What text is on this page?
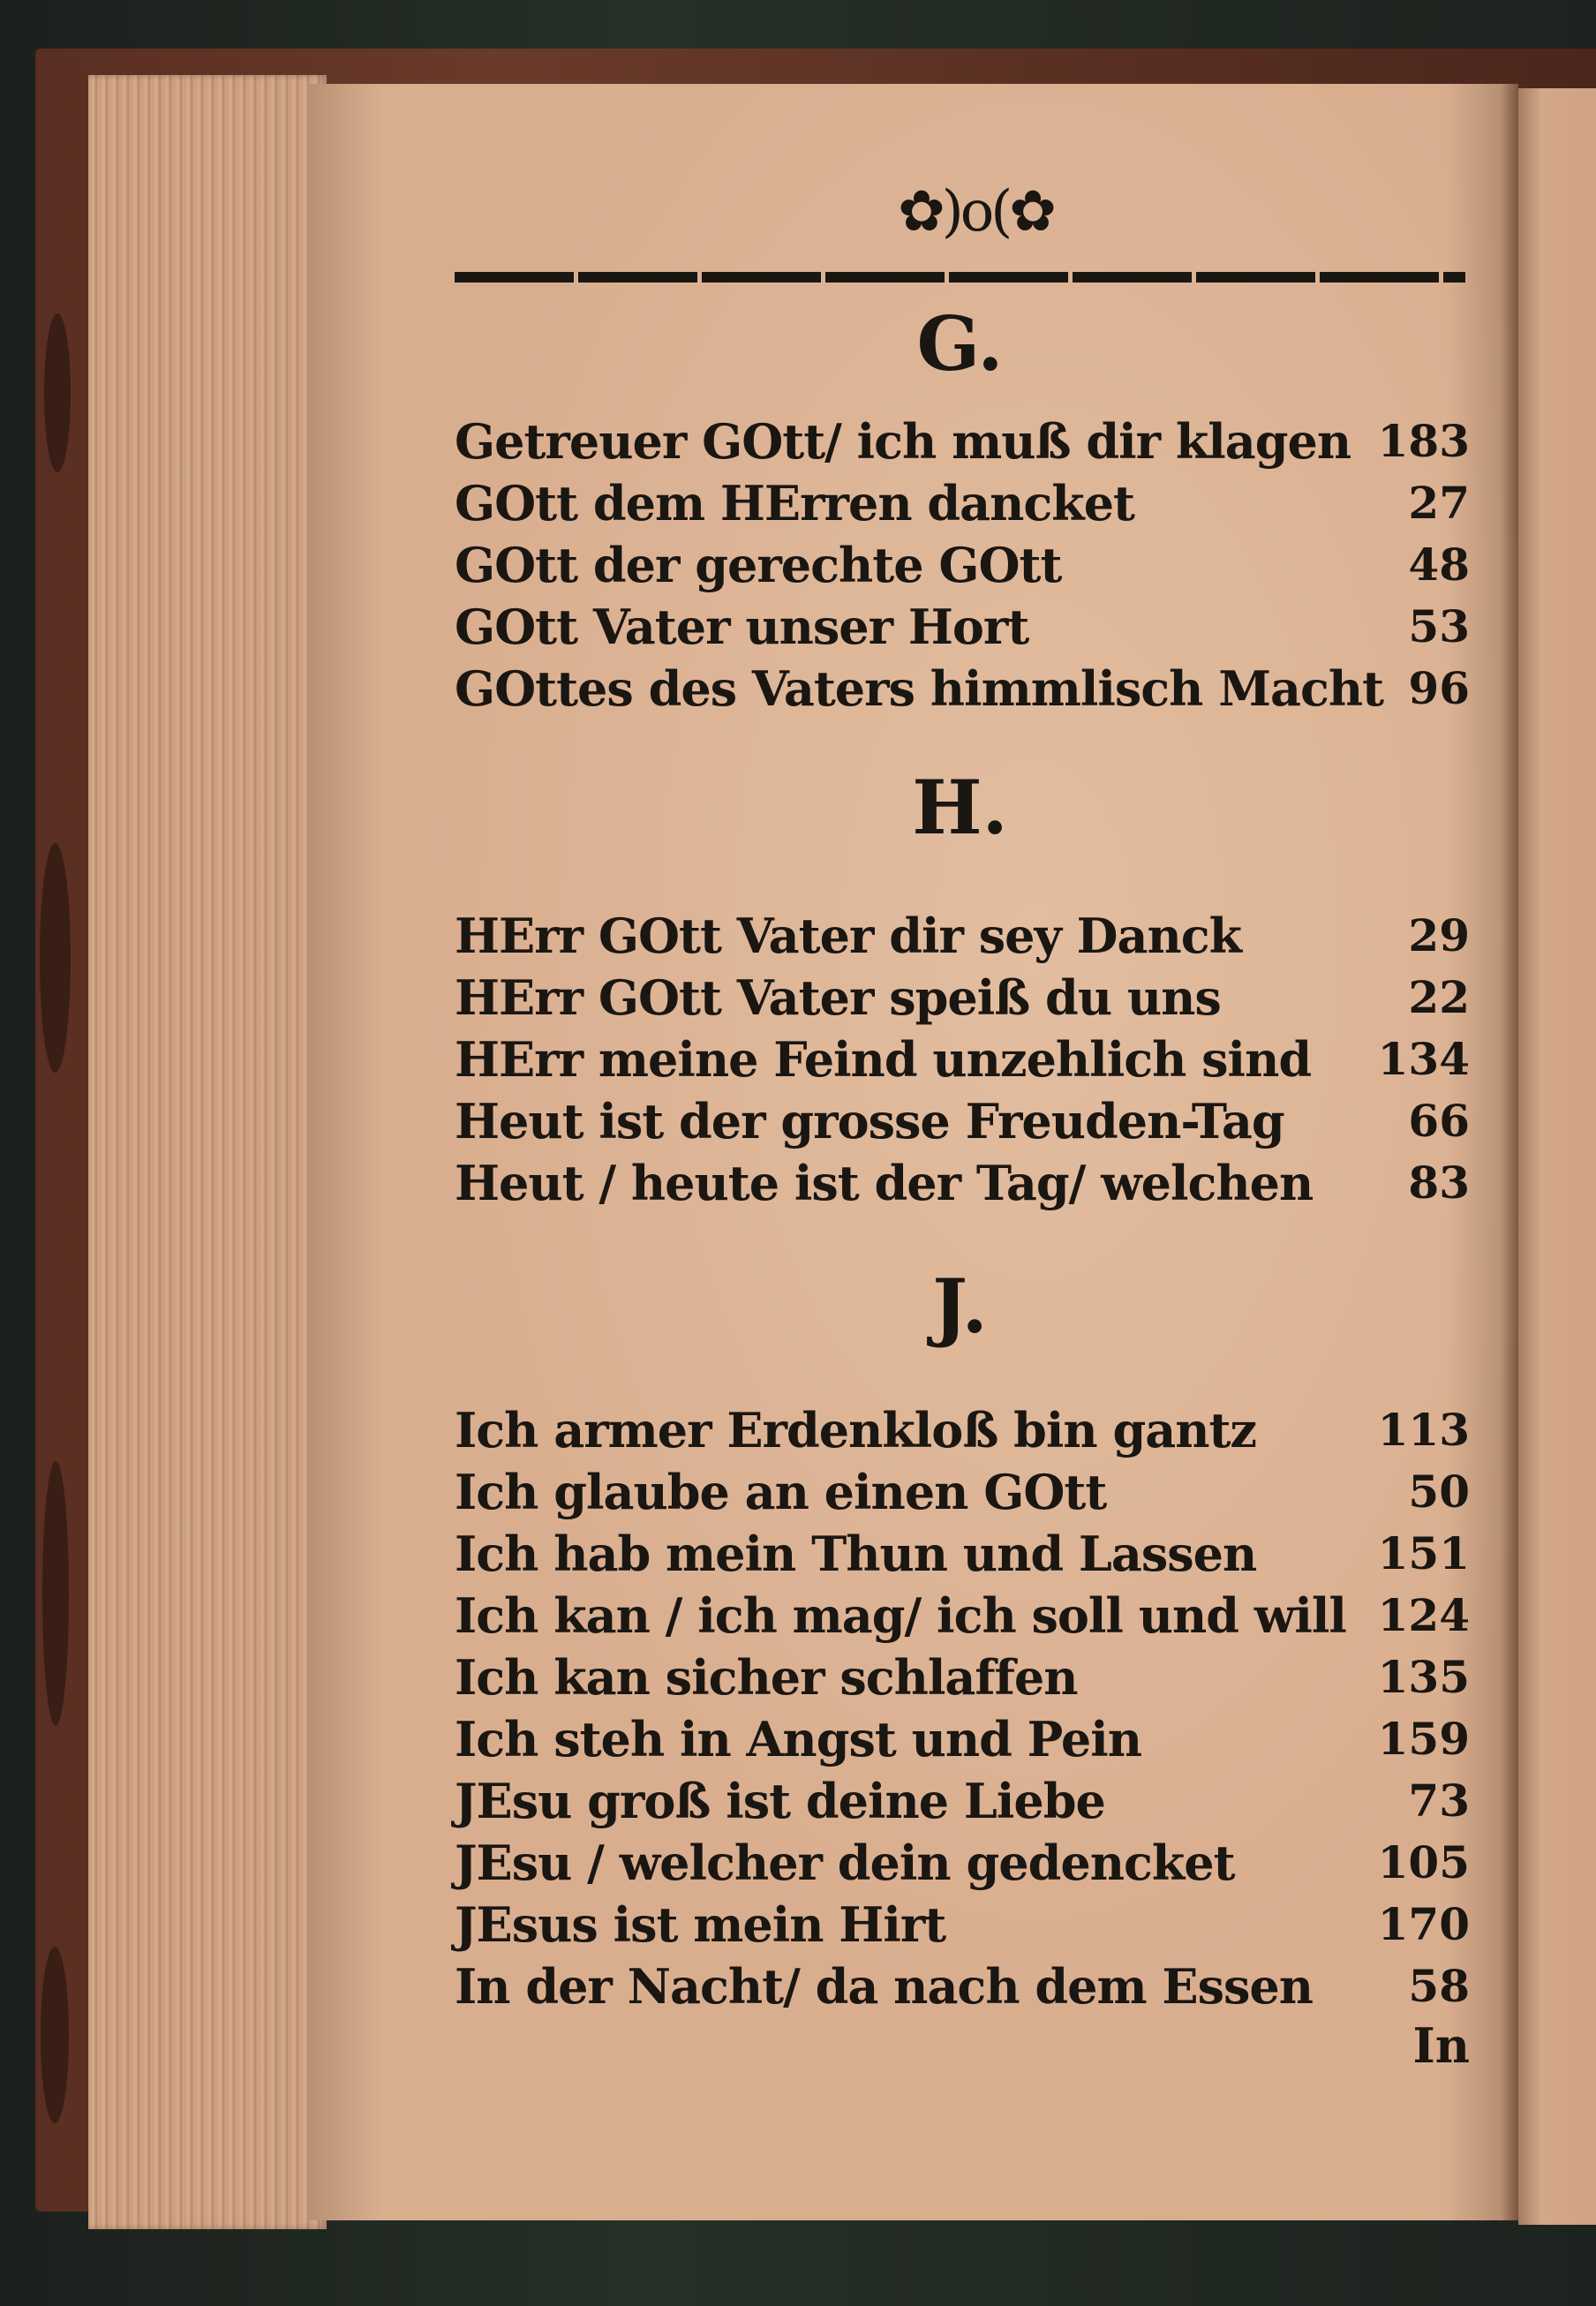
✿)o(✿
G.
Getreuer GOtt/ ich muß dir klagen 183
GOtt dem HErren dancket	27
GOtt der gerechte GOtt	48
GOtt Vater unser Hort	53
GOttes des Vaters himmlisch Macht 96
H.
HErr GOtt Vater dir sey Danck	29
HErr GOtt Vater speiß du uns	22
HErr meine Feind unzehlich sind 134
Heut ist der grosse Freuden-Tag	66
Heut / heute ist der Tag/ welchen 83
J.
Ich armer Erdenkloß bin gantz	113
Ich glaube an einen GOtt	50
Ich hab mein Thun und Lassen	151
Ich kan / ich mag/ ich soll und will 124
Ich kan sicher schlaffen	135
Ich steh in Angst und Pein	159
JEsu groß ist deine Liebe	73
JEsu / welcher dein gedencket	105
JEsus ist mein Hirt	170
In der Nacht/ da nach dem Essen 58
In
